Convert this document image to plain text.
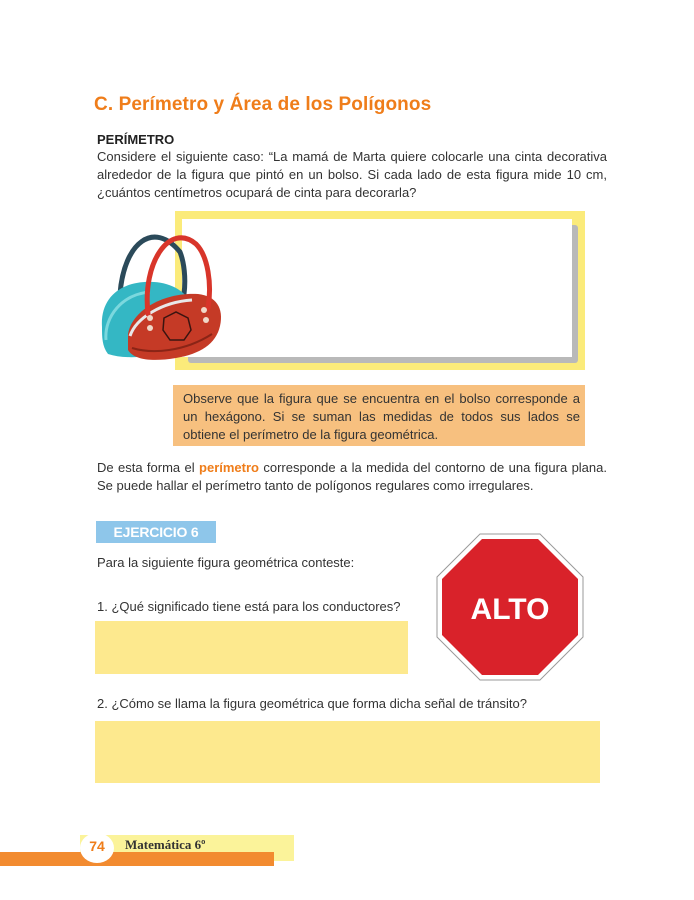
C. Perímetro y Área de los Polígonos
PERÍMETRO
Considere el siguiente caso: “La mamá de Marta quiere colocarle una cinta decorativa alrededor de la figura que pintó en un bolso. Si cada lado de esta figura mide 10 cm, ¿cuántos centímetros ocupará de cinta para decorarla?
Observe que la figura que se encuentra en el bolso corresponde a un hexágono. Si se suman las medidas de todos sus lados se obtiene el perímetro de la figura geométrica.
De esta forma el perímetro corresponde a la medida del contorno de una figura plana. Se puede hallar el perímetro tanto de polígonos regulares como irregulares.
EJERCICIO 6
Para la siguiente figura geométrica conteste:
1. ¿Qué significado tiene está para los conductores?
2. ¿Cómo se llama la figura geométrica que forma dicha señal de tránsito?
ALTO
74	Matemática 6º
